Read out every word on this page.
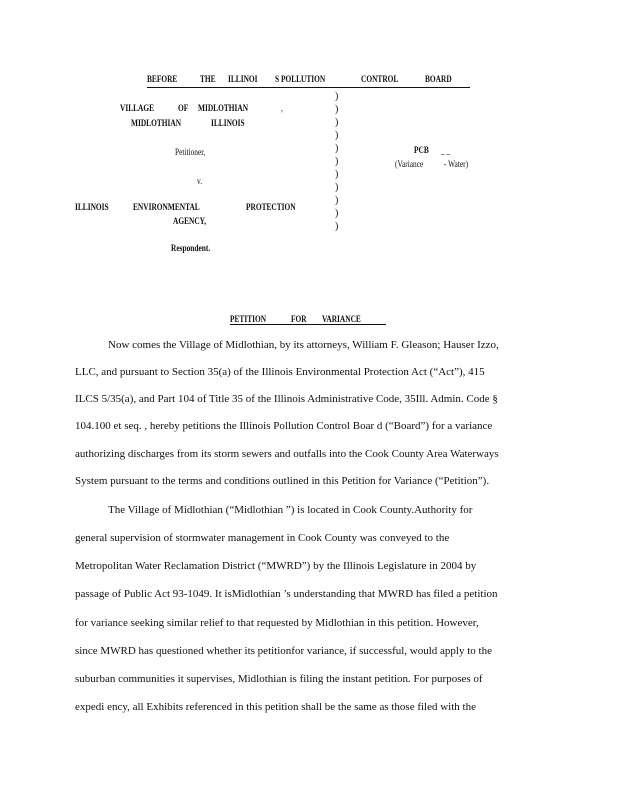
BEFORE	THE ILLINOI S POLLUTION	CONTROL	BOARD
VILLAGE	OF MIDLOTHIAN	,
MIDLOTHIAN	ILLINOIS
Petitioner,
v.
ILLINOIS	ENVIRONMENTAL	PROTECTION
AGENCY,
Respondent.
)
)
)
)
)
)
)
)
)
)
)
PCB _ _
(Variance - Water)
PETITION	FOR VARIANCE
Now comes the Village of Midlothian, by its attorneys, William F. Gleason; Hauser Izzo,
LLC, and pursuant to Section 35(a) of the Illinois Environmental Protection Act (“Act”), 415
ILCS 5/35(a), and Part 104 of Title 35 of the Illinois Administrative Code, 35Ill. Admin. Code §
104.100 et seq. , hereby petitions the Illinois Pollution Control Boar d (“Board”) for a variance
authorizing discharges from its storm sewers and outfalls into the Cook County Area Waterways
System pursuant to the terms and conditions outlined in this Petition for Variance (“Petition”).
The Village of Midlothian (“Midlothian ”) is located in Cook County.Authority for
general supervision of stormwater management in Cook County was conveyed to the
Metropolitan Water Reclamation District (“MWRD”) by the Illinois Legislature in 2004 by
passage of Public Act 93-1049. It isMidlothian ’s understanding that MWRD has filed a petition
for variance seeking similar relief to that requested by Midlothian in this petition. However,
since MWRD has questioned whether its petitionfor variance, if successful, would apply to the
suburban communities it supervises, Midlothian is filing the instant petition. For purposes of
expedi ency, all Exhibits referenced in this petition shall be the same as those filed with the
